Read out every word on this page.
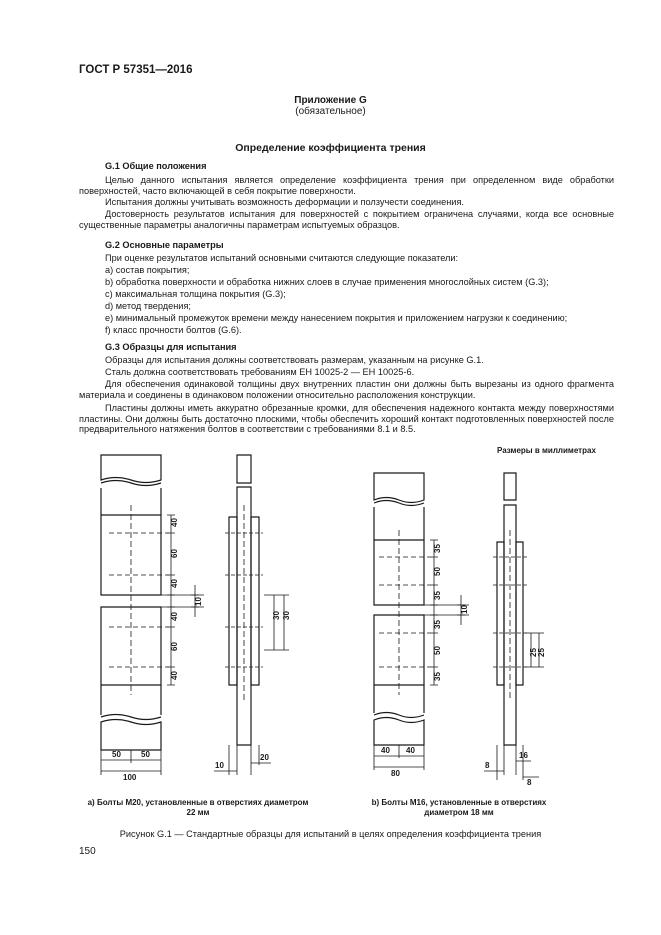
ГОСТ Р 57351—2016
Приложение G
(обязательное)
Определение коэффициента трения
G.1 Общие положения
Целью данного испытания является определение коэффициента трения при определенном виде обработки поверхностей, часто включающей в себя покрытие поверхности.
Испытания должны учитывать возможность деформации и ползучести соединения.
Достоверность результатов испытания для поверхностей с покрытием ограничена случаями, когда все основные существенные параметры аналогичны параметрам испытуемых образцов.
G.2 Основные параметры
При оценке результатов испытаний основными считаются следующие показатели:
a) состав покрытия;
b) обработка поверхности и обработка нижних слоев в случае применения многослойных систем (G.3);
c) максимальная толщина покрытия (G.3);
d) метод твердения;
e) минимальный промежуток времени между нанесением покрытия и приложением нагрузки к соединению;
f) класс прочности болтов (G.6).
G.3 Образцы для испытания
Образцы для испытания должны соответствовать размерам, указанным на рисунке G.1.
Сталь должна соответствовать требованиям ЕН 10025-2 — ЕН 10025-6.
Для обеспечения одинаковой толщины двух внутренних пластин они должны быть вырезаны из одного фрагмента материала и соединены в одинаковом положении относительно расположения конструкции.
Пластины должны иметь аккуратно обрезанные кромки, для обеспечения надежного контакта между поверхностями пластины. Они должны быть достаточно плоскими, чтобы обеспечить хороший контакт подготовленных поверхностей после предварительного натяжения болтов в соответствии с требованиями 8.1 и 8.5.
Размеры в миллиметрах
40
60
40
10
40
60
40
50	50
100
30 30
10
20
35
50
35
10
35
50
35
40 40
80
25 25
8
16
8
а) Болты М20, установленные в отверстиях диаметром 22 мм
b) Болты М16, установленные в отверстиях диаметром 18 мм
Рисунок G.1 — Стандартные образцы для испытаний в целях определения коэффициента трения
150
